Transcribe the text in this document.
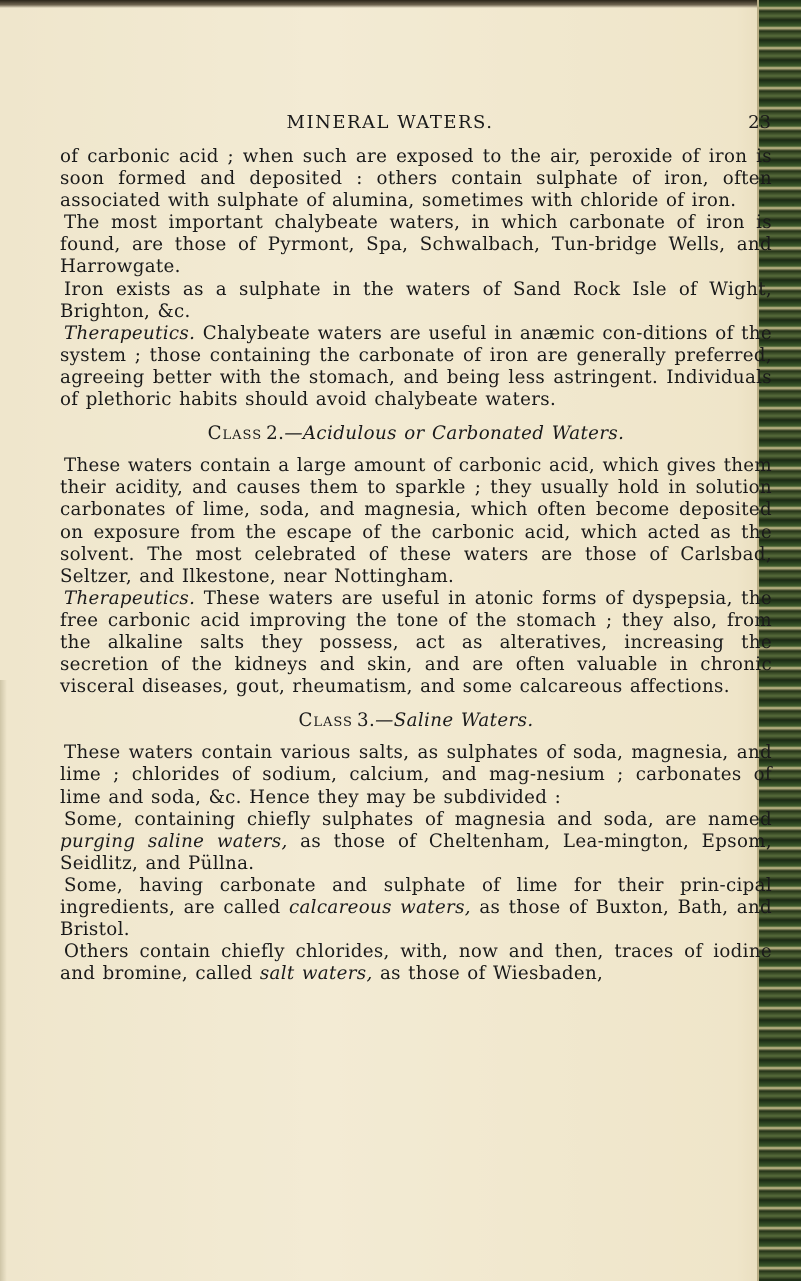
MINERAL WATERS.	23

of carbonic acid ; when such are exposed to the air, peroxide of iron is soon formed and deposited : others contain sulphate of iron, often associated with sulphate of alumina, sometimes with chloride of iron.

The most important chalybeate waters, in which carbonate of iron is found, are those of Pyrmont, Spa, Schwalbach, Tun-bridge Wells, and Harrowgate.

Iron exists as a sulphate in the waters of Sand Rock Isle of Wight, Brighton, &c.

Therapeutics. Chalybeate waters are useful in anæmic con-ditions of the system ; those containing the carbonate of iron are generally preferred, agreeing better with the stomach, and being less astringent. Individuals of plethoric habits should avoid chalybeate waters.

Class 2.—Acidulous or Carbonated Waters.

These waters contain a large amount of carbonic acid, which gives them their acidity, and causes them to sparkle ; they usually hold in solution carbonates of lime, soda, and magnesia, which often become deposited on exposure from the escape of the carbonic acid, which acted as the solvent. The most celebrated of these waters are those of Carlsbad, Seltzer, and Ilkestone, near Nottingham.

Therapeutics. These waters are useful in atonic forms of dyspepsia, the free carbonic acid improving the tone of the stomach ; they also, from the alkaline salts they possess, act as alteratives, increasing the secretion of the kidneys and skin, and are often valuable in chronic visceral diseases, gout, rheumatism, and some calcareous affections.

Class 3.—Saline Waters.

These waters contain various salts, as sulphates of soda, magnesia, and lime ; chlorides of sodium, calcium, and mag-nesium ; carbonates of lime and soda, &c. Hence they may be subdivided :

Some, containing chiefly sulphates of magnesia and soda, are named purging saline waters, as those of Cheltenham, Lea-mington, Epsom, Seidlitz, and Püllna.

Some, having carbonate and sulphate of lime for their prin-cipal ingredients, are called calcareous waters, as those of Buxton, Bath, and Bristol.

Others contain chiefly chlorides, with, now and then, traces of iodine and bromine, called salt waters, as those of Wiesbaden,
